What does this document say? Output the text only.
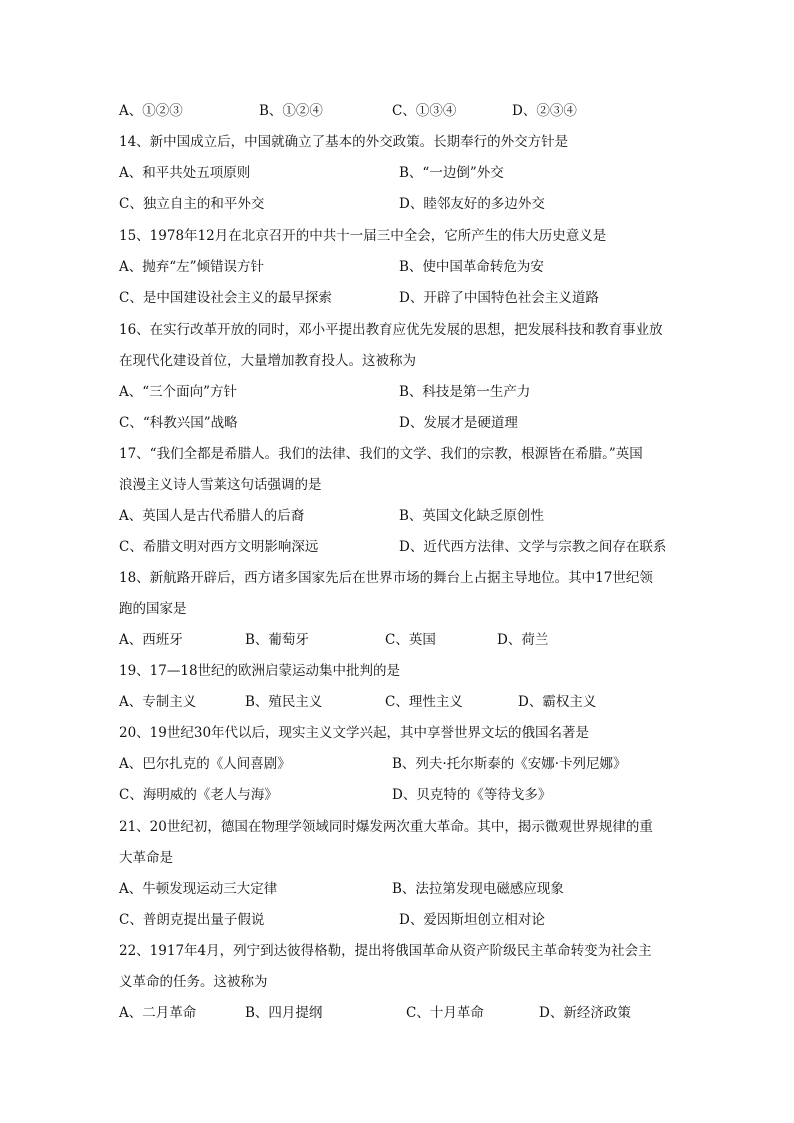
A、①②③	B、①②④	C、①③④	D、②③④

14、新中国成立后，中国就确立了基本的外交政策。长期奉行的外交方针是

A、和平共处五项原则	B、“一边倒”外交
C、独立自主的和平外交	D、睦邻友好的多边外交

15、1978年12月在北京召开的中共十一届三中全会，它所产生的伟大历史意义是

A、抛弃“左”倾错误方针	B、使中国革命转危为安
C、是中国建设社会主义的最早探索	D、开辟了中国特色社会主义道路

16、在实行改革开放的同时，邓小平提出教育应优先发展的思想，把发展科技和教育事业放

在现代化建设首位，大量增加教育投人。这被称为

A、“三个面向”方针	B、科技是第一生产力
C、“科教兴国”战略	D、发展才是硬道理

17、“我们全都是希腊人。我们的法律、我们的文学、我们的宗教，根源皆在希腊。”英国

浪漫主义诗人雪莱这句话强调的是

A、英国人是古代希腊人的后裔	B、英国文化缺乏原创性
C、希腊文明对西方文明影响深远	D、近代西方法律、文学与宗教之间存在联系

18、新航路开辟后，西方诸多国家先后在世界市场的舞台上占据主导地位。其中17世纪领

跑的国家是

A、西班牙	B、葡萄牙	C、英国	D、荷兰

19、17—18世纪的欧洲启蒙运动集中批判的是

A、专制主义	B、殖民主义	C、理性主义	D、霸权主义

20、19世纪30年代以后，现实主义文学兴起，其中享誉世界文坛的俄国名著是

A、巴尔扎克的《人间喜剧》	B、列夫·托尔斯泰的《安娜·卡列尼娜》
C、海明威的《老人与海》	D、贝克特的《等待戈多》

21、20世纪初，德国在物理学领域同时爆发两次重大革命。其中，揭示微观世界规律的重

大革命是

A、牛顿发现运动三大定律	B、法拉第发现电磁感应现象
C、普朗克提出量子假说	D、爱因斯坦创立相对论

22、1917年4月，列宁到达彼得格勒，提出将俄国革命从资产阶级民主革命转变为社会主

义革命的任务。这被称为

A、二月革命	B、四月提纲	C、十月革命	D、新经济政策
